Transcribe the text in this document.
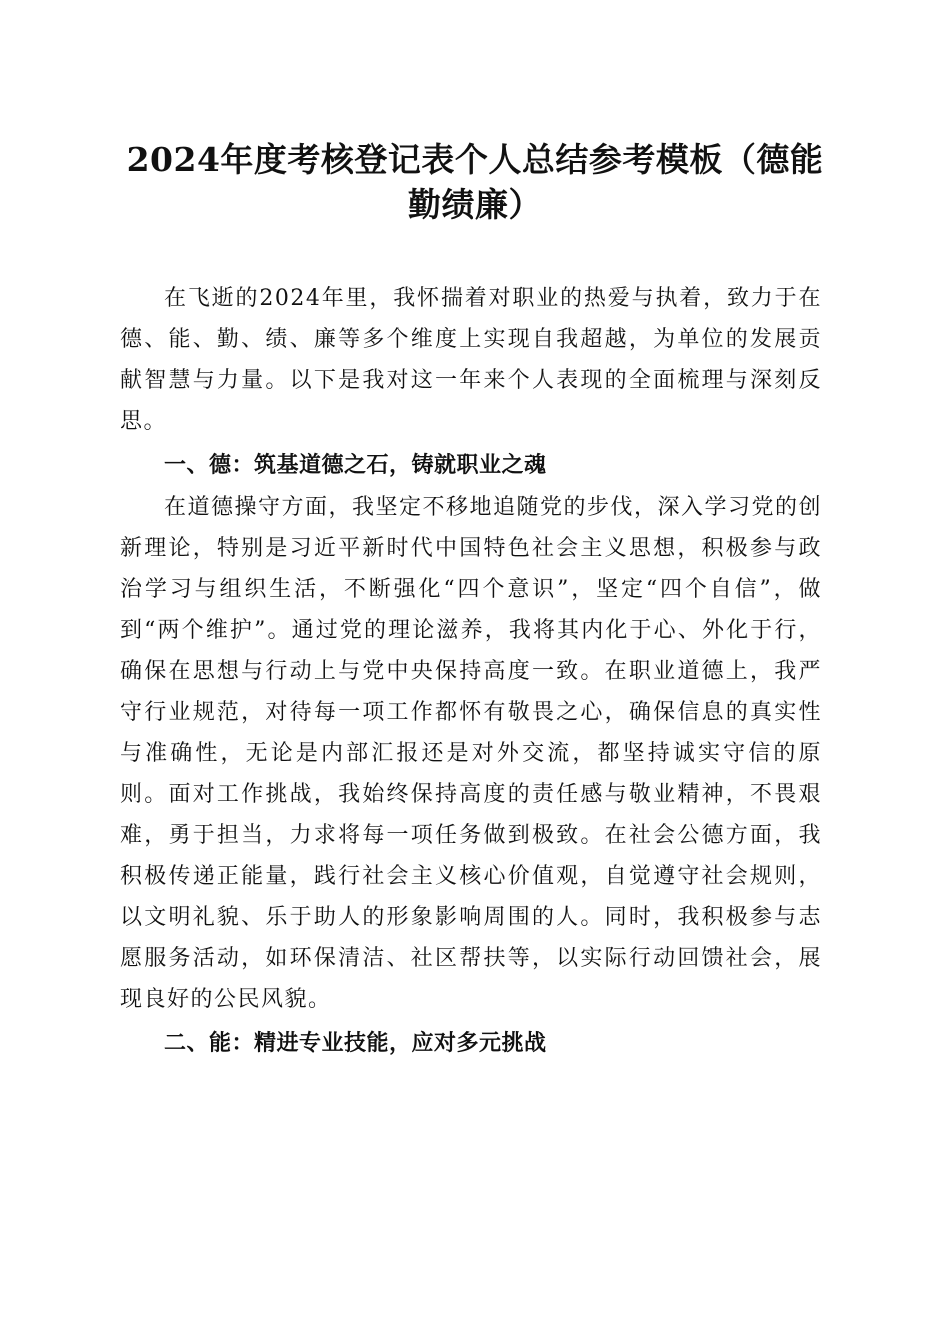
2024年度考核登记表个人总结参考模板（德能勤绩廉）

在飞逝的2024年里，我怀揣着对职业的热爱与执着，致力于在德、能、勤、绩、廉等多个维度上实现自我超越，为单位的发展贡献智慧与力量。以下是我对这一年来个人表现的全面梳理与深刻反思。

一、德：筑基道德之石，铸就职业之魂

在道德操守方面，我坚定不移地追随党的步伐，深入学习党的创新理论，特别是习近平新时代中国特色社会主义思想，积极参与政治学习与组织生活，不断强化“四个意识”，坚定“四个自信”，做到“两个维护”。通过党的理论滋养，我将其内化于心、外化于行，确保在思想与行动上与党中央保持高度一致。在职业道德上，我严守行业规范，对待每一项工作都怀有敬畏之心，确保信息的真实性与准确性，无论是内部汇报还是对外交流，都坚持诚实守信的原则。面对工作挑战，我始终保持高度的责任感与敬业精神，不畏艰难，勇于担当，力求将每一项任务做到极致。在社会公德方面，我积极传递正能量，践行社会主义核心价值观，自觉遵守社会规则，以文明礼貌、乐于助人的形象影响周围的人。同时，我积极参与志愿服务活动，如环保清洁、社区帮扶等，以实际行动回馈社会，展现良好的公民风貌。

二、能：精进专业技能，应对多元挑战
